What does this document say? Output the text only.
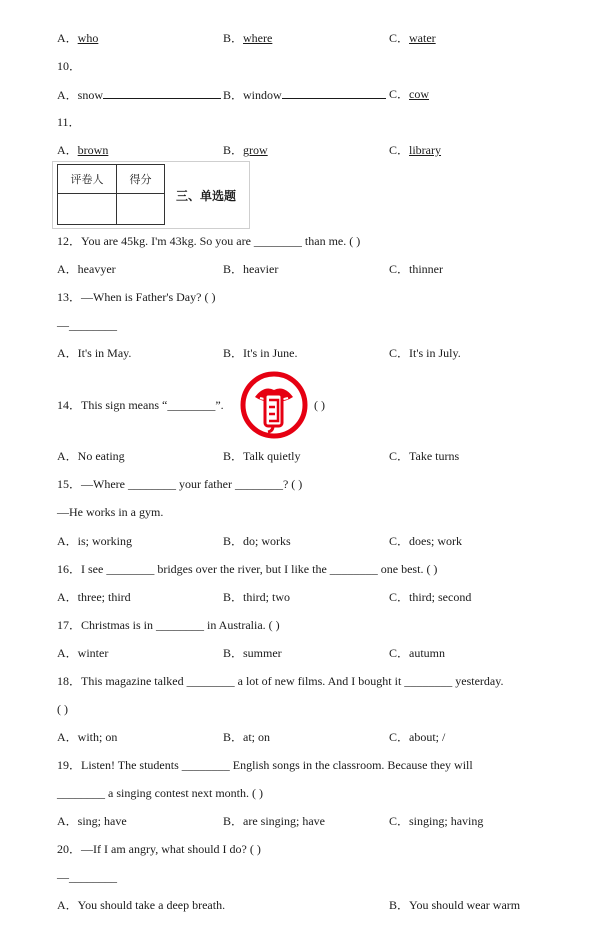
A．who	B．where	C．water
10．
A．snow	B．window	C．cow
11．
A．brown	B．grow	C．library
评卷人	得分

三、单选题
12．You are 45kg. I'm 43kg. So you are ________ than me. ( )
A．heavyer	B．heavier	C．thinner
13．—When is Father's Day? ( )
—________
A．It's in May.	B．It's in June.	C．It's in July.
14．This sign means “________”.	( )
A．No eating	B．Talk quietly	C．Take turns
15．—Where ________ your father ________? ( )
—He works in a gym.
A．is; working	B．do; works	C．does; work
16．I see ________ bridges over the river, but I like the ________ one best. ( )
A．three; third	B．third; two	C．third; second
17．Christmas is in ________ in Australia. ( )
A．winter	B．summer	C．autumn
18．This magazine talked ________ a lot of new films. And I bought it ________ yesterday.
( )
A．with; on	B．at; on	C．about; /
19．Listen! The students ________ English songs in the classroom. Because they will
________ a singing contest next month. ( )
A．sing; have	B．are singing; have	C．singing; having
20．—If I am angry, what should I do? ( )
—________
A．You should take a deep breath.	B．You should wear warm
